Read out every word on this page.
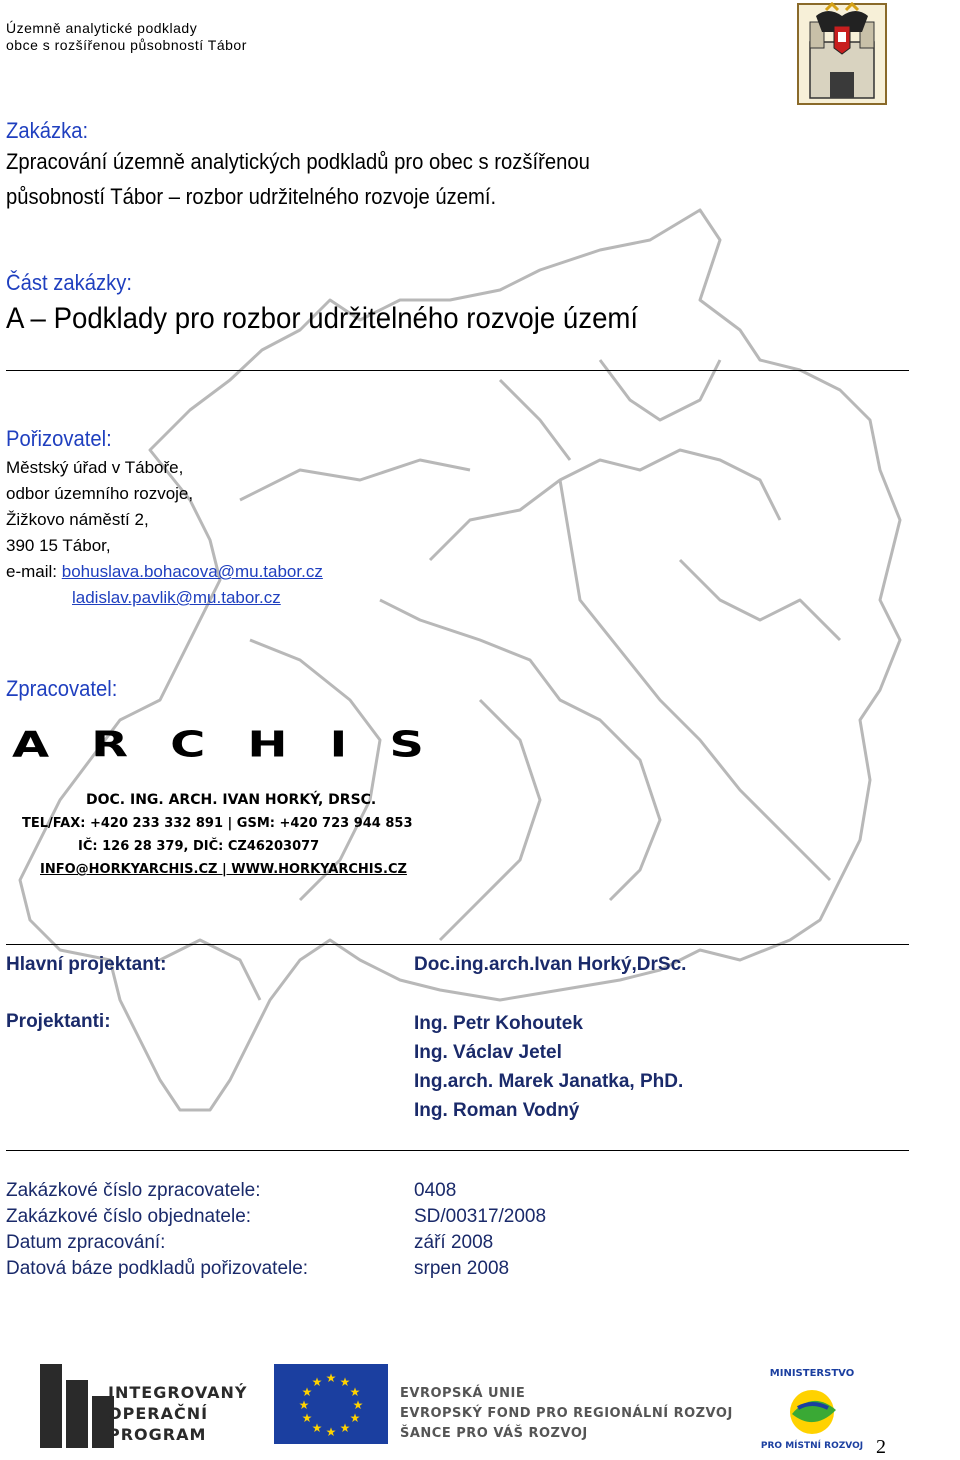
Územně analytické podklady
obce s rozšířenou působností Tábor
Zakázka:
Zpracování územně analytických podkladů pro obec s rozšířenou
působností Tábor – rozbor udržitelného rozvoje území.
Část zakázky:
A – Podklady pro rozbor udržitelného rozvoje území
Pořizovatel:
Městský úřad v Táboře,
odbor územního rozvoje,
Žižkovo náměstí 2,
390 15 Tábor,
e-mail: bohuslava.bohacova@mu.tabor.cz
ladislav.pavlik@mu.tabor.cz
Zpracovatel:
ARCHIS
DOC. ING. ARCH. IVAN HORKÝ, DRSC.
TEL/FAX: +420 233 332 891 | GSM: +420 723 944 853
IČ: 126 28 379, DIČ: CZ46203077
INFO@HORKYARCHIS.CZ | WWW.HORKYARCHIS.CZ
Hlavní projektant:	Doc.ing.arch.Ivan Horký,DrSc.
Projektanti:	Ing. Petr Kohoutek
Ing. Václav Jetel
Ing.arch. Marek Janatka, PhD.
Ing. Roman Vodný
Zakázkové číslo zpracovatele:	0408
Zakázkové číslo objednatele:	SD/00317/2008
Datum zpracování:	září 2008
Datová báze podkladů pořizovatele:	srpen 2008
INTEGROVANÝ
OPERAČNÍ
PROGRAM
★ ★
★
★
★
★
★
★
★
★
★
★
EVROPSKÁ UNIE
EVROPSKÝ FOND PRO REGIONÁLNÍ ROZVOJ
ŠANCE PRO VÁŠ ROZVOJ
MINISTERSTVO
PRO MÍSTNÍ ROZVOJ 2
